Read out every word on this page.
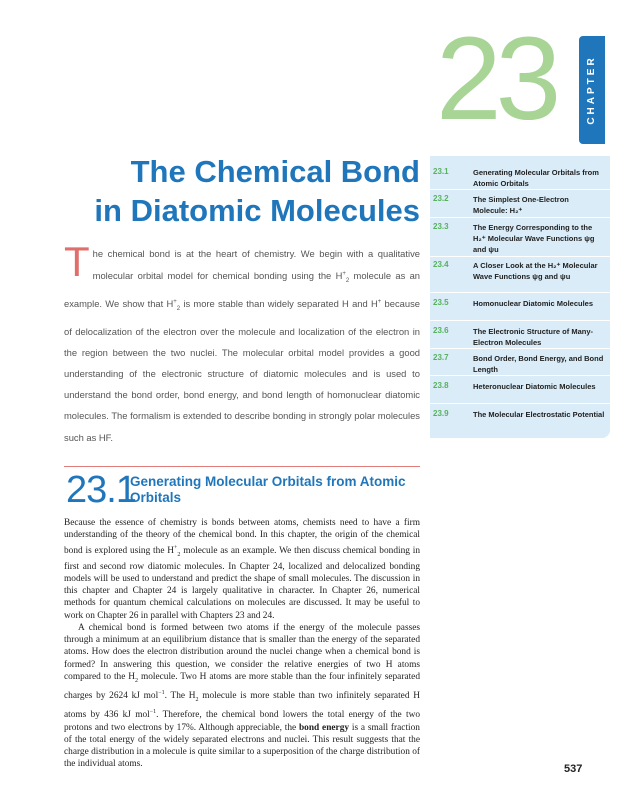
23	CHAPTER
The Chemical Bond
in Diatomic Molecules
The chemical bond is at the heart of chemistry. We begin with a qualitative molecular orbital model for chemical bonding using the $H^+_2$ molecule as an example. We show that $H^+_2$ is more stable than widely separated H and H+ because of delocalization of the electron over the molecule and localization of the electron in the region between the two nuclei. The molecular orbital model provides a good understanding of the electronic structure of diatomic molecules and is used to understand the bond order, bond energy, and bond length of homonuclear diatomic molecules. The formalism is extended to describe bonding in strongly polar molecules such as HF.
23.1	Generating Molecular Orbitals from Atomic Orbitals
23.2	The Simplest One-Electron Molecule: H₂⁺
23.3	The Energy Corresponding to the H₂⁺ Molecular Wave Functions ψg and ψu
23.4	A Closer Look at the H₂⁺ Molecular Wave Functions ψg and ψu
23.5	Homonuclear Diatomic Molecules
23.6	The Electronic Structure of Many-Electron Molecules
23.7	Bond Order, Bond Energy, and Bond Length
23.8	Heteronuclear Diatomic Molecules
23.9	The Molecular Electrostatic Potential
23.1
Generating Molecular Orbitals from Atomic Orbitals

Because the essence of chemistry is bonds between atoms, chemists need to have a firm understanding of the theory of the chemical bond. In this chapter, the origin of the chemical bond is explored using the $H^+_2$ molecule as an example. We then discuss chemical bonding in first and second row diatomic molecules. In Chapter 24, localized and delocalized bonding models will be used to understand and predict the shape of small molecules. The discussion in this chapter and Chapter 24 is largely qualitative in character. In Chapter 26, numerical methods for quantum chemical calculations on molecules are discussed. It may be useful to work on Chapter 26 in parallel with Chapters 23 and 24.

A chemical bond is formed between two atoms if the energy of the molecule passes through a minimum at an equilibrium distance that is smaller than the energy of the separated atoms. How does the electron distribution around the nuclei change when a chemical bond is formed? In answering this question, we consider the relative energies of two H atoms compared to the $H_2$ molecule. Two H atoms are more stable than the four infinitely separated charges by 2624 kJ mol$^{-1}$. The $H_2$ molecule is more stable than two infinitely separated H atoms by 436 kJ mol$^{-1}$. Therefore, the chemical bond lowers the total energy of the two protons and two electrons by 17%. Although appreciable, the bond energy is a small fraction of the total energy of the widely separated electrons and nuclei. This result suggests that the charge distribution in a molecule is quite similar to a superposition of the charge distribution of the individual atoms.	537
